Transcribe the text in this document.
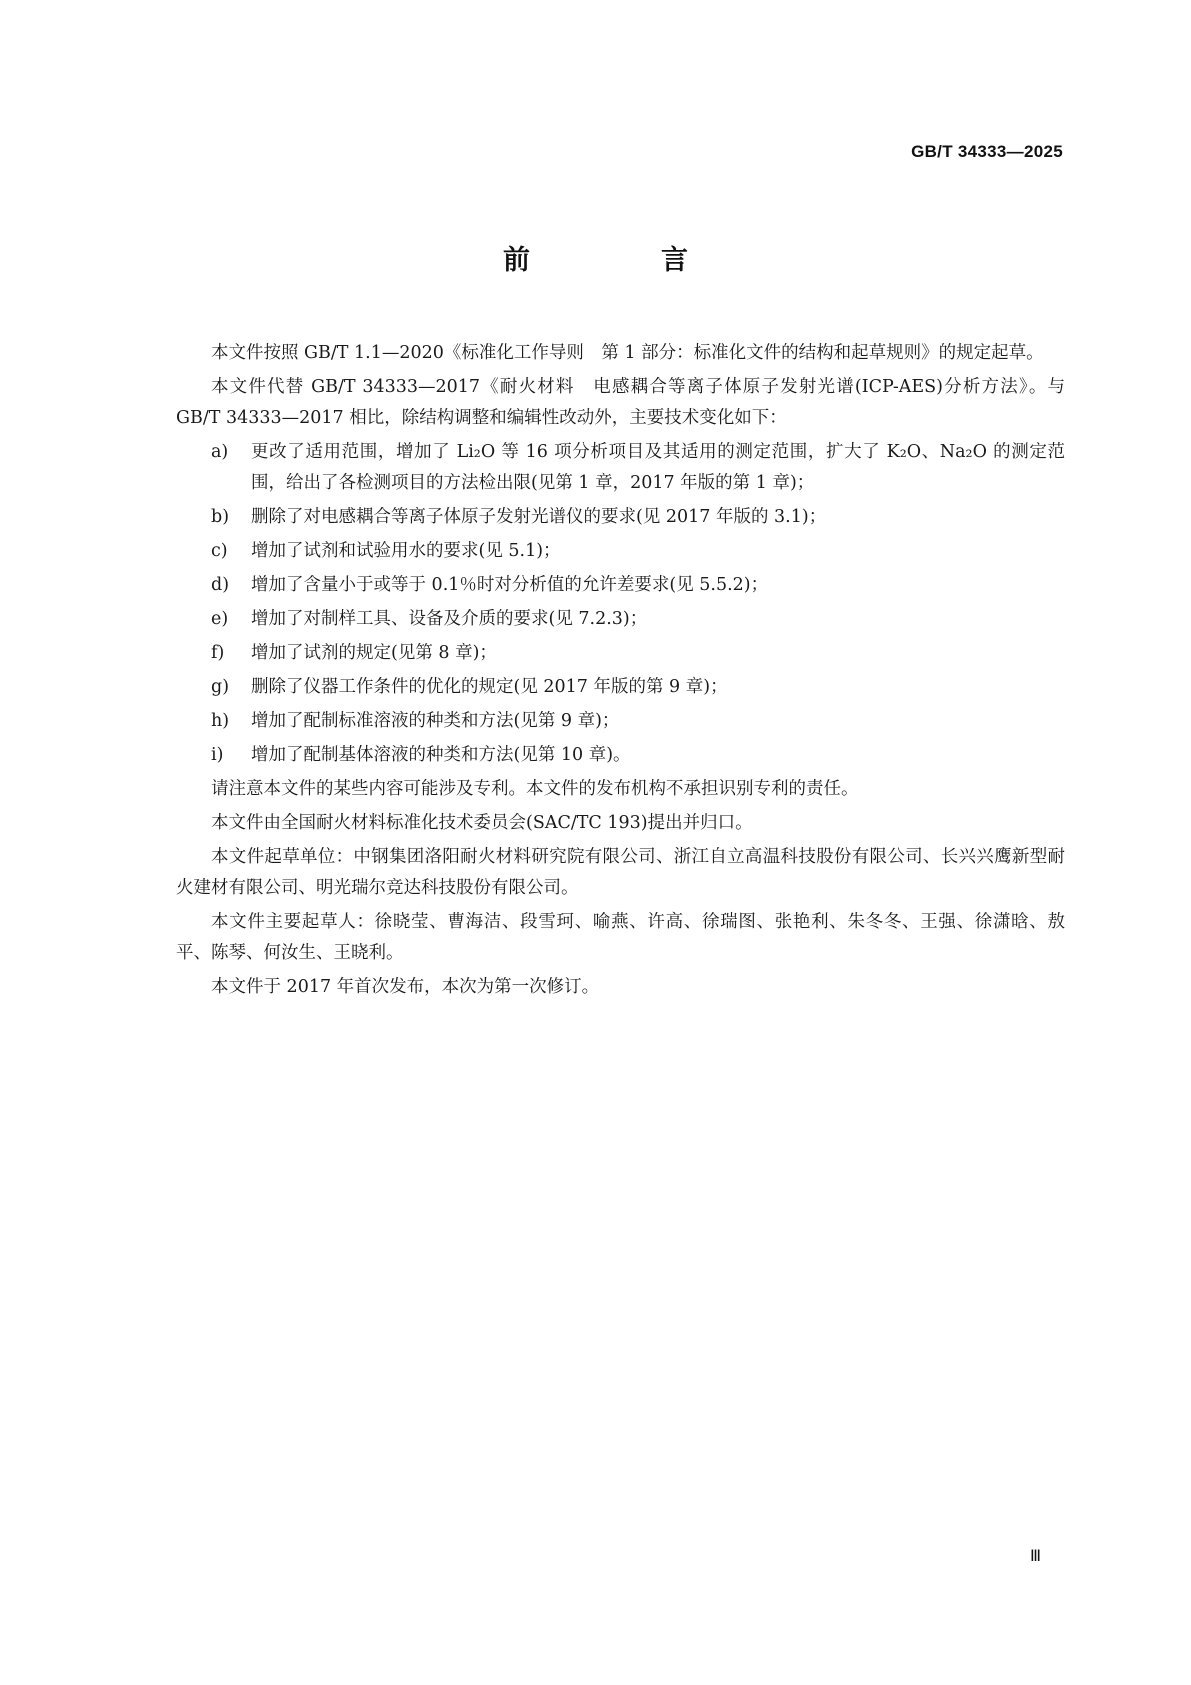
GB/T 34333—2025
前　言

本文件按照 GB/T 1.1—2020《标准化工作导则　第 1 部分：标准化文件的结构和起草规则》的规定起草。

本文件代替 GB/T 34333—2017《耐火材料　电感耦合等离子体原子发射光谱(ICP-AES)分析方法》。与 GB/T 34333—2017 相比，除结构调整和编辑性改动外，主要技术变化如下：

a)	更改了适用范围，增加了 Li₂O 等 16 项分析项目及其适用的测定范围，扩大了 K₂O、Na₂O 的测定范围，给出了各检测项目的方法检出限(见第 1 章，2017 年版的第 1 章)；
b)	删除了对电感耦合等离子体原子发射光谱仪的要求(见 2017 年版的 3.1)；
c)	增加了试剂和试验用水的要求(见 5.1)；
d)	增加了含量小于或等于 0.1％时对分析值的允许差要求(见 5.5.2)；
e)	增加了对制样工具、设备及介质的要求(见 7.2.3)；
f)	增加了试剂的规定(见第 8 章)；
g)	删除了仪器工作条件的优化的规定(见 2017 年版的第 9 章)；
h)	增加了配制标准溶液的种类和方法(见第 9 章)；
i)	增加了配制基体溶液的种类和方法(见第 10 章)。

请注意本文件的某些内容可能涉及专利。本文件的发布机构不承担识别专利的责任。

本文件由全国耐火材料标准化技术委员会(SAC/TC 193)提出并归口。

本文件起草单位：中钢集团洛阳耐火材料研究院有限公司、浙江自立高温科技股份有限公司、长兴兴鹰新型耐火建材有限公司、明光瑞尔竞达科技股份有限公司。

本文件主要起草人：徐晓莹、曹海洁、段雪珂、喻燕、许高、徐瑞图、张艳利、朱冬冬、王强、徐潇晗、敖平、陈琴、何汝生、王晓利。

本文件于 2017 年首次发布，本次为第一次修订。

Ⅲ
